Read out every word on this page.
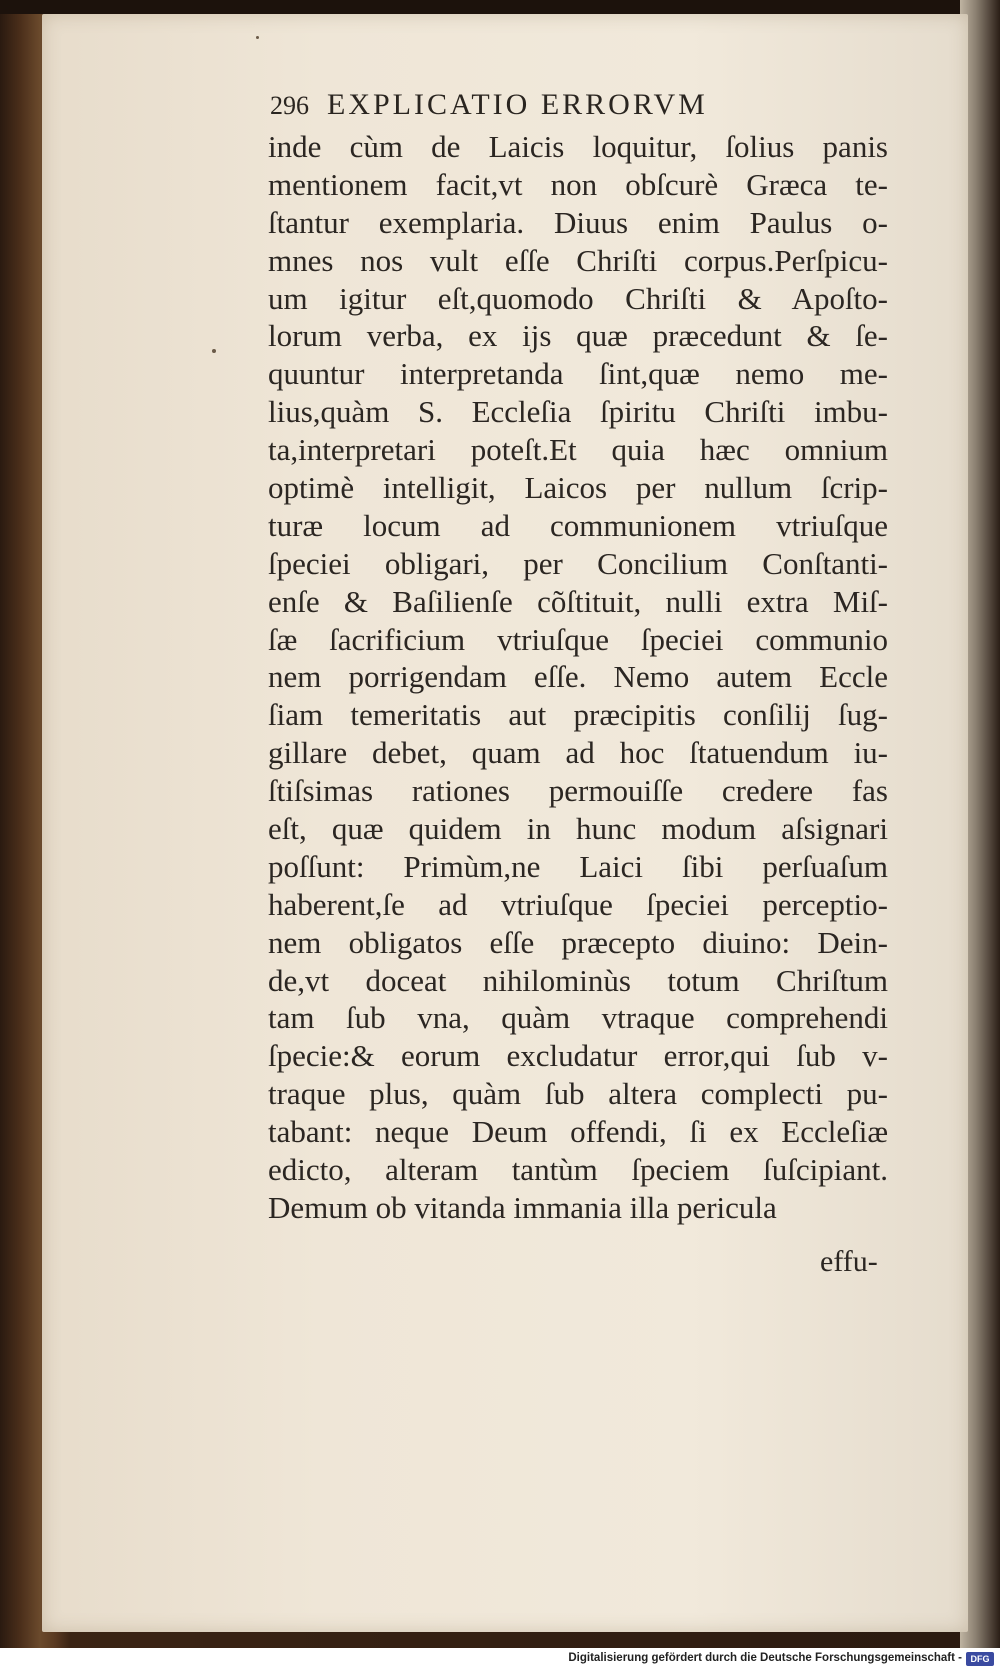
296 EXPLICATIO ERRORVM
inde cùm de Laicis loquitur, ſolius panis
mentionem facit,vt non obſcurè Græca te-
ſtantur exemplaria. Diuus enim Paulus o-
mnes nos vult eſſe Chriſti corpus.Perſpicu-
um igitur eſt,quomodo Chriſti & Apoſto-
lorum verba, ex ijs quæ præcedunt & ſe-
quuntur interpretanda ſint,quæ nemo me-
lius,quàm S. Eccleſia ſpiritu Chriſti imbu-
ta,interpretari poteſt.Et quia hæc omnium
optimè intelligit, Laicos per nullum ſcrip-
turæ locum ad communionem vtriuſque
ſpeciei obligari, per Concilium Conſtanti-
enſe & Baſilienſe cõſtituit, nulli extra Miſ-
ſæ ſacrificium vtriuſque ſpeciei communio
nem porrigendam eſſe. Nemo autem Eccle
ſiam temeritatis aut præcipitis conſilij ſug-
gillare debet, quam ad hoc ſtatuendum iu-
ſtiſsimas rationes permouiſſe credere fas
eſt, quæ quidem in hunc modum aſsignari
poſſunt: Primùm,ne Laici ſibi perſuaſum
haberent,ſe ad vtriuſque ſpeciei perceptio-
nem obligatos eſſe præcepto diuino: Dein-
de,vt doceat nihilominùs totum Chriſtum
tam ſub vna, quàm vtraque comprehendi
ſpecie:& eorum excludatur error,qui ſub v-
traque plus, quàm ſub altera complecti pu-
tabant: neque Deum offendi, ſi ex Eccleſiæ
edicto, alteram tantùm ſpeciem ſuſcipiant.
Demum ob vitanda immania illa pericula
effu-
Digitalisierung gefördert durch die Deutsche Forschungsgemeinschaft - DFG
